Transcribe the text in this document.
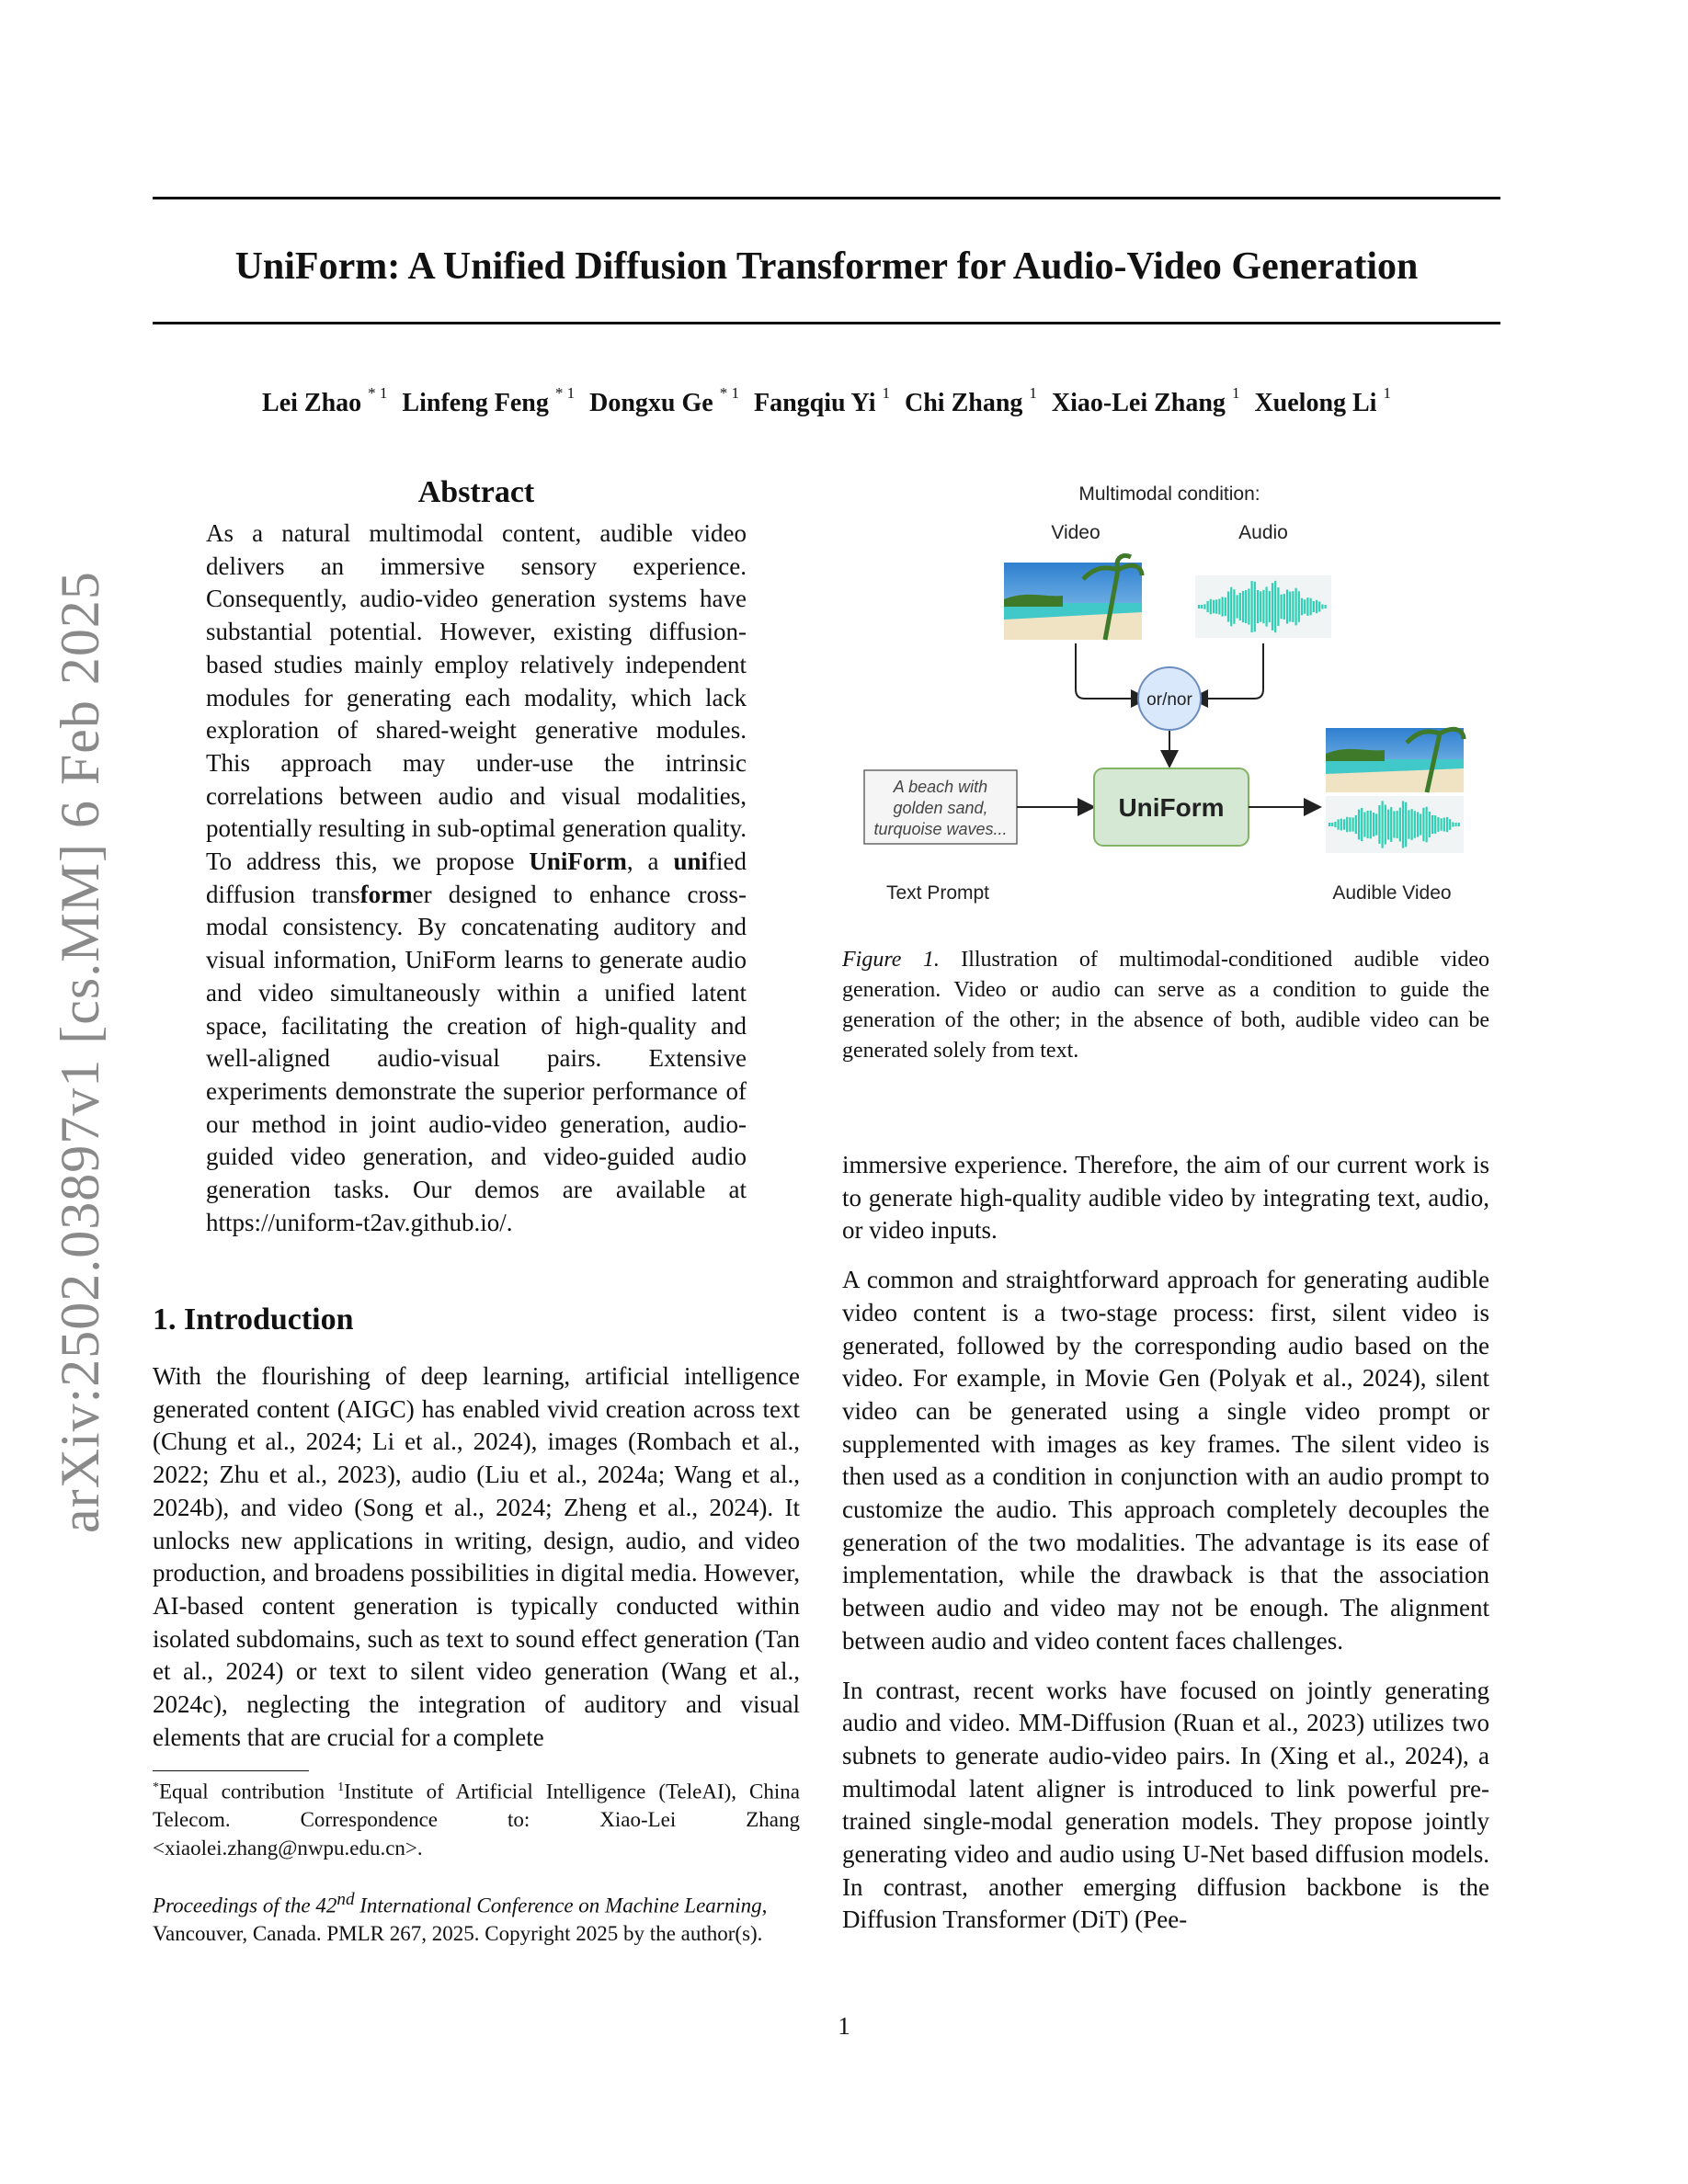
UniForm: A Unified Diffusion Transformer for Audio-Video Generation
Lei Zhao $^{* 1}$ Linfeng Feng $^{* 1}$ Dongxu Ge $^{* 1}$ Fangqiu Yi $^1$ Chi Zhang $^1$ Xiao-Lei Zhang $^1$ Xuelong Li $^1$
arXiv:2502.03897v1 [cs.MM] 6 Feb 2025
Abstract
As a natural multimodal content, audible video delivers an immersive sensory experience. Consequently, audio-video generation systems have substantial potential. However, existing diffusion-based studies mainly employ relatively independent modules for generating each modality, which lack exploration of shared-weight generative modules. This approach may under-use the intrinsic correlations between audio and visual modalities, potentially resulting in sub-optimal generation quality. To address this, we propose UniForm, a unified diffusion transformer designed to enhance cross-modal consistency. By concatenating auditory and visual information, UniForm learns to generate audio and video simultaneously within a unified latent space, facilitating the creation of high-quality and well-aligned audio-visual pairs. Extensive experiments demonstrate the superior performance of our method in joint audio-video generation, audio-guided video generation, and video-guided audio generation tasks. Our demos are available at https://uniform-t2av.github.io/.
Multimodal condition:
Video	Audio
or/nor
A beach with
golden sand,
turquoise waves...
UniForm
Text Prompt	Audible Video
Figure 1. Illustration of multimodal-conditioned audible video generation. Video or audio can serve as a condition to guide the generation of the other; in the absence of both, audible video can be generated solely from text.
1. Introduction
With the flourishing of deep learning, artificial intelligence generated content (AIGC) has enabled vivid creation across text (Chung et al., 2024; Li et al., 2024), images (Rombach et al., 2022; Zhu et al., 2023), audio (Liu et al., 2024a; Wang et al., 2024b), and video (Song et al., 2024; Zheng et al., 2024). It unlocks new applications in writing, design, audio, and video production, and broadens possibilities in digital media. However, AI-based content generation is typically conducted within isolated subdomains, such as text to sound effect generation (Tan et al., 2024) or text to silent video generation (Wang et al., 2024c), neglecting the integration of auditory and visual elements that are crucial for a complete
*Equal contribution $^1$Institute of Artificial Intelligence (TeleAI), China Telecom. Correspondence to: Xiao-Lei Zhang <xiaolei.zhang@nwpu.edu.cn>.
Proceedings of the 42nd International Conference on Machine Learning, Vancouver, Canada. PMLR 267, 2025. Copyright 2025 by the author(s).

immersive experience. Therefore, the aim of our current work is to generate high-quality audible video by integrating text, audio, or video inputs.

A common and straightforward approach for generating audible video content is a two-stage process: first, silent video is generated, followed by the corresponding audio based on the video. For example, in Movie Gen (Polyak et al., 2024), silent video can be generated using a single video prompt or supplemented with images as key frames. The silent video is then used as a condition in conjunction with an audio prompt to customize the audio. This approach completely decouples the generation of the two modalities. The advantage is its ease of implementation, while the drawback is that the association between audio and video may not be enough. The alignment between audio and video content faces challenges.

In contrast, recent works have focused on jointly generating audio and video. MM-Diffusion (Ruan et al., 2023) utilizes two subnets to generate audio-video pairs. In (Xing et al., 2024), a multimodal latent aligner is introduced to link powerful pre-trained single-modal generation models. They propose jointly generating video and audio using U-Net based diffusion models. In contrast, another emerging diffusion backbone is the Diffusion Transformer (DiT) (Pee-

1
